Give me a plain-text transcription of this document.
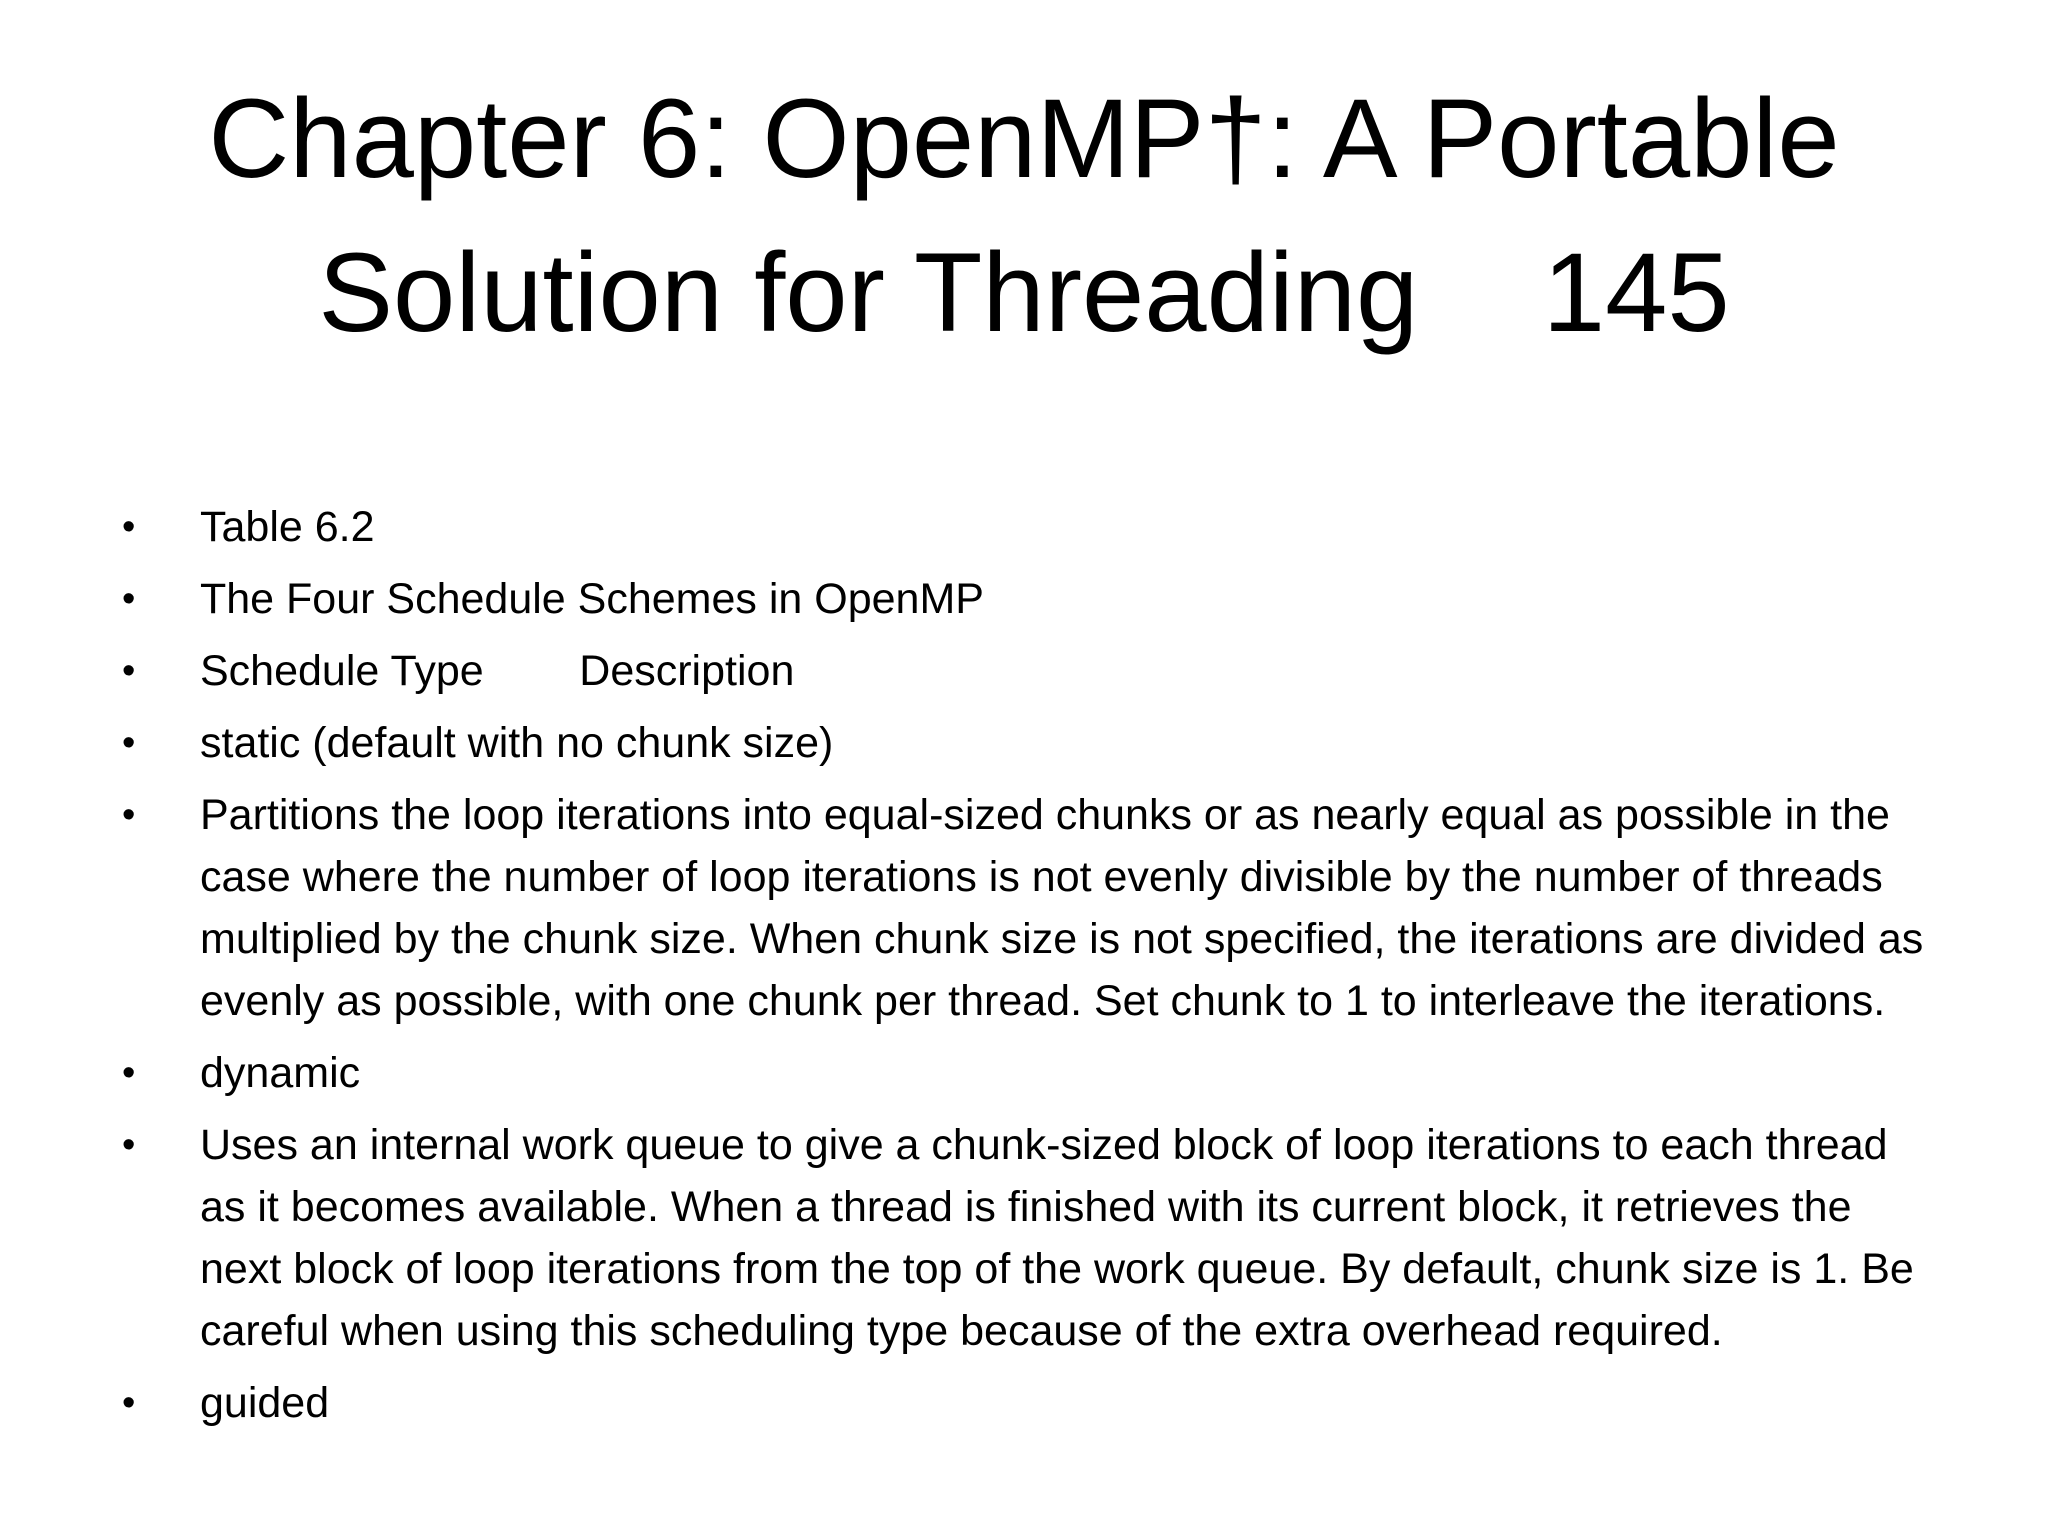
Chapter 6: OpenMP†: A Portable Solution for Threading    145
• Table 6.2
• The Four Schedule Schemes in OpenMP
• Schedule Type        Description
• static (default with no chunk size)
• Partitions the loop iterations into equal-sized chunks or as nearly equal as possible in the case where the number of loop iterations is not evenly divisible by the number of threads multiplied by the chunk size. When chunk size is not specified, the iterations are divided as evenly as possible, with one chunk per thread. Set chunk to 1 to interleave the iterations.
• dynamic
• Uses an internal work queue to give a chunk-sized block of loop iterations to each thread as it becomes available. When a thread is finished with its current block, it retrieves the next block of loop iterations from the top of the work queue. By default, chunk size is 1. Be careful when using this scheduling type because of the extra overhead required.
• guided
